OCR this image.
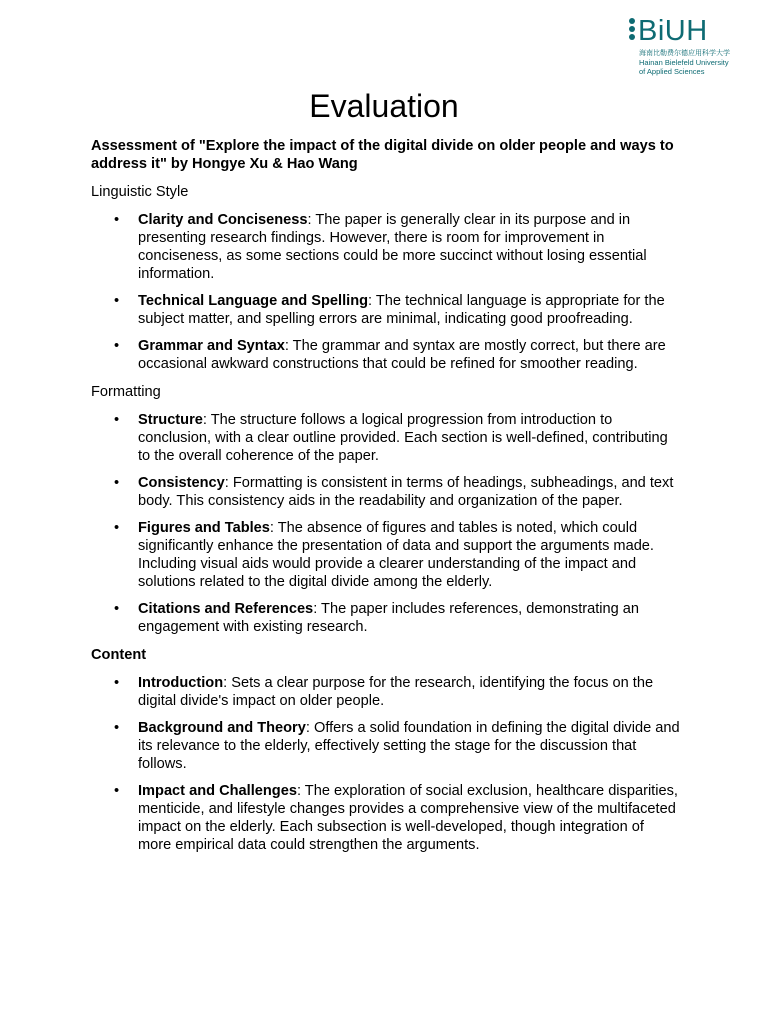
BiUH
海南比勒费尔德应用科学大学
Hainan Bielefeld University
of Applied Sciences
Evaluation

Assessment of "Explore the impact of the digital divide on older people and ways to address it" by Hongye Xu & Hao Wang

Linguistic Style

• Clarity and Conciseness: The paper is generally clear in its purpose and in presenting research findings. However, there is room for improvement in conciseness, as some sections could be more succinct without losing essential information.
• Technical Language and Spelling: The technical language is appropriate for the subject matter, and spelling errors are minimal, indicating good proofreading.
• Grammar and Syntax: The grammar and syntax are mostly correct, but there are occasional awkward constructions that could be refined for smoother reading.

Formatting

• Structure: The structure follows a logical progression from introduction to conclusion, with a clear outline provided. Each section is well-defined, contributing to the overall coherence of the paper.
• Consistency: Formatting is consistent in terms of headings, subheadings, and text body. This consistency aids in the readability and organization of the paper.
• Figures and Tables: The absence of figures and tables is noted, which could significantly enhance the presentation of data and support the arguments made. Including visual aids would provide a clearer understanding of the impact and solutions related to the digital divide among the elderly.
• Citations and References: The paper includes references, demonstrating an engagement with existing research.

Content

• Introduction: Sets a clear purpose for the research, identifying the focus on the digital divide's impact on older people.
• Background and Theory: Offers a solid foundation in defining the digital divide and its relevance to the elderly, effectively setting the stage for the discussion that follows.
• Impact and Challenges: The exploration of social exclusion, healthcare disparities, menticide, and lifestyle changes provides a comprehensive view of the multifaceted impact on the elderly. Each subsection is well-developed, though integration of more empirical data could strengthen the arguments.
